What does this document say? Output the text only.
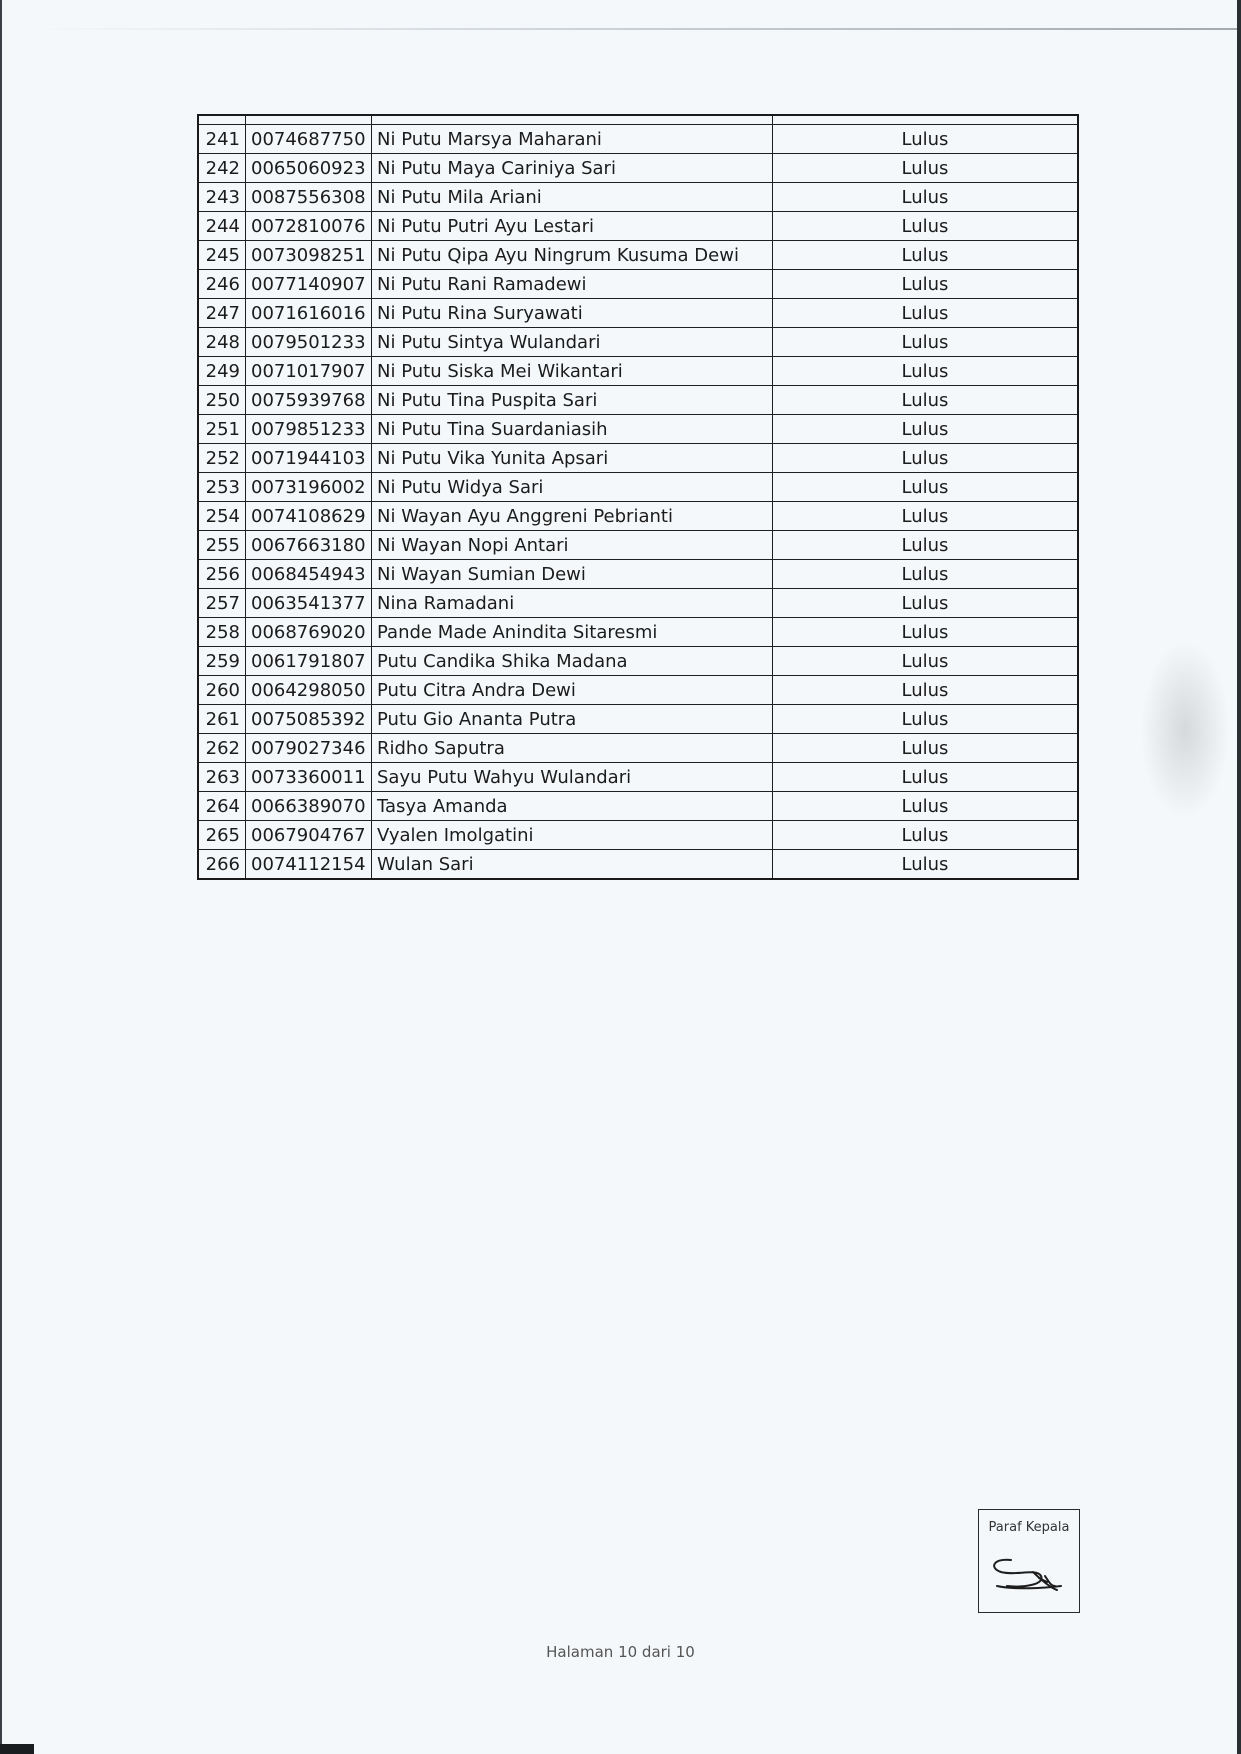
241	0074687750	Ni Putu Marsya Maharani	Lulus
242	0065060923	Ni Putu Maya Cariniya Sari	Lulus
243	0087556308	Ni Putu Mila Ariani	Lulus
244	0072810076	Ni Putu Putri Ayu Lestari	Lulus
245	0073098251	Ni Putu Qipa Ayu Ningrum Kusuma Dewi	Lulus
246	0077140907	Ni Putu Rani Ramadewi	Lulus
247	0071616016	Ni Putu Rina Suryawati	Lulus
248	0079501233	Ni Putu Sintya Wulandari	Lulus
249	0071017907	Ni Putu Siska Mei Wikantari	Lulus
250	0075939768	Ni Putu Tina Puspita Sari	Lulus
251	0079851233	Ni Putu Tina Suardaniasih	Lulus
252	0071944103	Ni Putu Vika Yunita Apsari	Lulus
253	0073196002	Ni Putu Widya Sari	Lulus
254	0074108629	Ni Wayan Ayu Anggreni Pebrianti	Lulus
255	0067663180	Ni Wayan Nopi Antari	Lulus
256	0068454943	Ni Wayan Sumian Dewi	Lulus
257	0063541377	Nina Ramadani	Lulus
258	0068769020	Pande Made Anindita Sitaresmi	Lulus
259	0061791807	Putu Candika Shika Madana	Lulus
260	0064298050	Putu Citra Andra Dewi	Lulus
261	0075085392	Putu Gio Ananta Putra	Lulus
262	0079027346	Ridho Saputra	Lulus
263	0073360011	Sayu Putu Wahyu Wulandari	Lulus
264	0066389070	Tasya Amanda	Lulus
265	0067904767	Vyalen Imolgatini	Lulus
266	0074112154	Wulan Sari	Lulus
Paraf Kepala
Halaman 10 dari 10
